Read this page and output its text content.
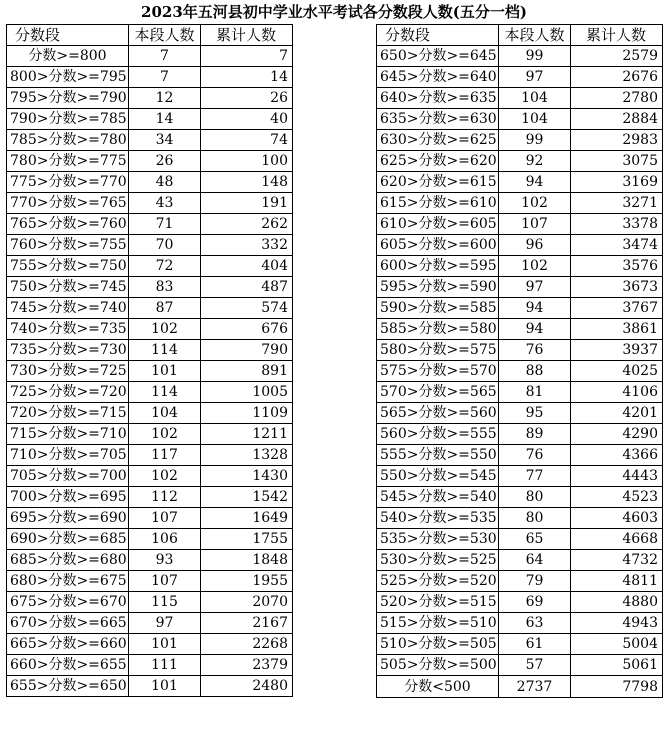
2023年五河县初中学业水平考试各分数段人数(五分一档)
分数段	本段人数	累计人数
分数>=800	7	7
800>分数>=795	7	14
795>分数>=790	12	26
790>分数>=785	14	40
785>分数>=780	34	74
780>分数>=775	26	100
775>分数>=770	48	148
770>分数>=765	43	191
765>分数>=760	71	262
760>分数>=755	70	332
755>分数>=750	72	404
750>分数>=745	83	487
745>分数>=740	87	574
740>分数>=735	102	676
735>分数>=730	114	790
730>分数>=725	101	891
725>分数>=720	114	1005
720>分数>=715	104	1109
715>分数>=710	102	1211
710>分数>=705	117	1328
705>分数>=700	102	1430
700>分数>=695	112	1542
695>分数>=690	107	1649
690>分数>=685	106	1755
685>分数>=680	93	1848
680>分数>=675	107	1955
675>分数>=670	115	2070
670>分数>=665	97	2167
665>分数>=660	101	2268
660>分数>=655	111	2379
655>分数>=650	101	2480
分数段	本段人数	累计人数
650>分数>=645	99	2579
645>分数>=640	97	2676
640>分数>=635	104	2780
635>分数>=630	104	2884
630>分数>=625	99	2983
625>分数>=620	92	3075
620>分数>=615	94	3169
615>分数>=610	102	3271
610>分数>=605	107	3378
605>分数>=600	96	3474
600>分数>=595	102	3576
595>分数>=590	97	3673
590>分数>=585	94	3767
585>分数>=580	94	3861
580>分数>=575	76	3937
575>分数>=570	88	4025
570>分数>=565	81	4106
565>分数>=560	95	4201
560>分数>=555	89	4290
555>分数>=550	76	4366
550>分数>=545	77	4443
545>分数>=540	80	4523
540>分数>=535	80	4603
535>分数>=530	65	4668
530>分数>=525	64	4732
525>分数>=520	79	4811
520>分数>=515	69	4880
515>分数>=510	63	4943
510>分数>=505	61	5004
505>分数>=500	57	5061
分数<500	2737	7798
